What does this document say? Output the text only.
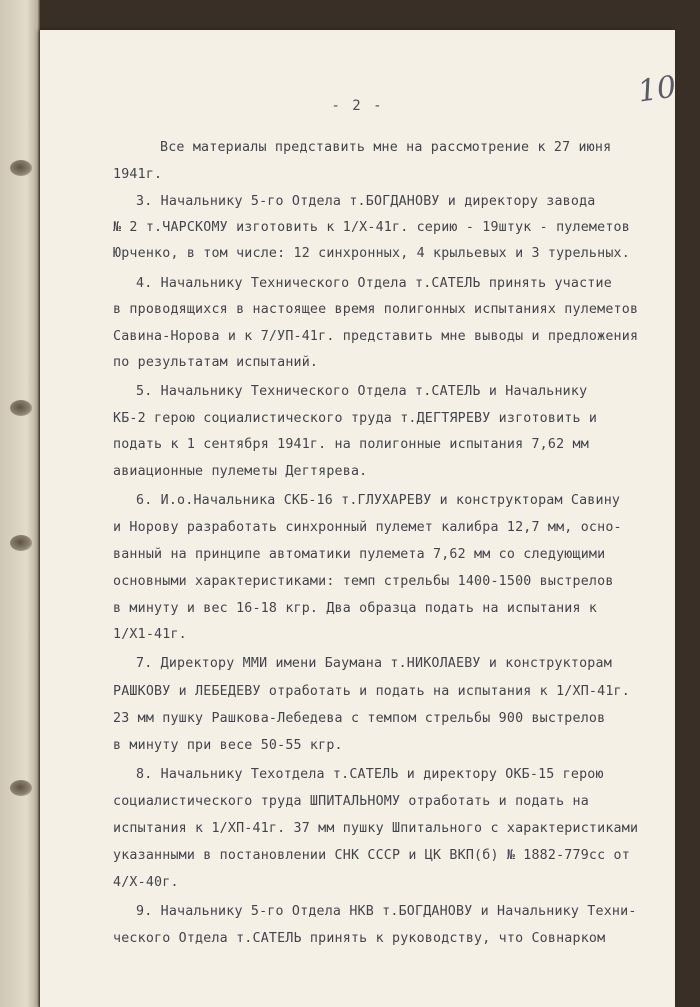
10
- 2 -
Все материалы представить мне на рассмотрение к 27 июня
1941г.
3. Начальнику 5-го Отдела т.БОГДАНОВУ и директору завода
№ 2 т.ЧАРСКОМУ изготовить к 1/Х-41г. серию - 19штук - пулеметов
Юрченко, в том числе: 12 синхронных, 4 крыльевых и 3 турельных.
4. Начальнику Технического Отдела т.САТЕЛЬ принять участие
в проводящихся в настоящее время полигонных испытаниях пулеметов
Савина-Норова и к 7/УП-41г. представить мне выводы и предложения
по результатам испытаний.
5. Начальнику Технического Отдела т.САТЕЛЬ и Начальнику
КБ-2 герою социалистического труда т.ДЕГТЯРЕВУ изготовить и
подать к 1 сентября 1941г. на полигонные испытания 7,62 мм
авиационные пулеметы Дегтярева.
6. И.о.Начальника СКБ-16 т.ГЛУХАРЕВУ и конструкторам Савину
и Норову разработать синхронный пулемет калибра 12,7 мм, осно-
ванный на принципе автоматики пулемета 7,62 мм со следующими
основными характеристиками: темп стрельбы 1400-1500 выстрелов
в минуту и вес 16-18 кгр. Два образца подать на испытания к
1/Х1-41г.
7. Директору ММИ имени Баумана т.НИКОЛАЕВУ и конструкторам
РАШКОВУ и ЛЕБЕДЕВУ отработать и подать на испытания к 1/ХП-41г.
23 мм пушку Рашкова-Лебедева с темпом стрельбы 900 выстрелов
в минуту при весе 50-55 кгр.
8. Начальнику Техотдела т.САТЕЛЬ и директору ОКБ-15 герою
социалистического труда ШПИТАЛЬНОМУ отработать и подать на
испытания к 1/ХП-41г. 37 мм пушку Шпитального с характеристиками
указанными в постановлении СНК СССР и ЦК ВКП(б) № 1882-779сс от
4/Х-40г.
9. Начальнику 5-го Отдела НКВ т.БОГДАНОВУ и Начальнику Техни-
ческого Отдела т.САТЕЛЬ принять к руководству, что Совнарком
